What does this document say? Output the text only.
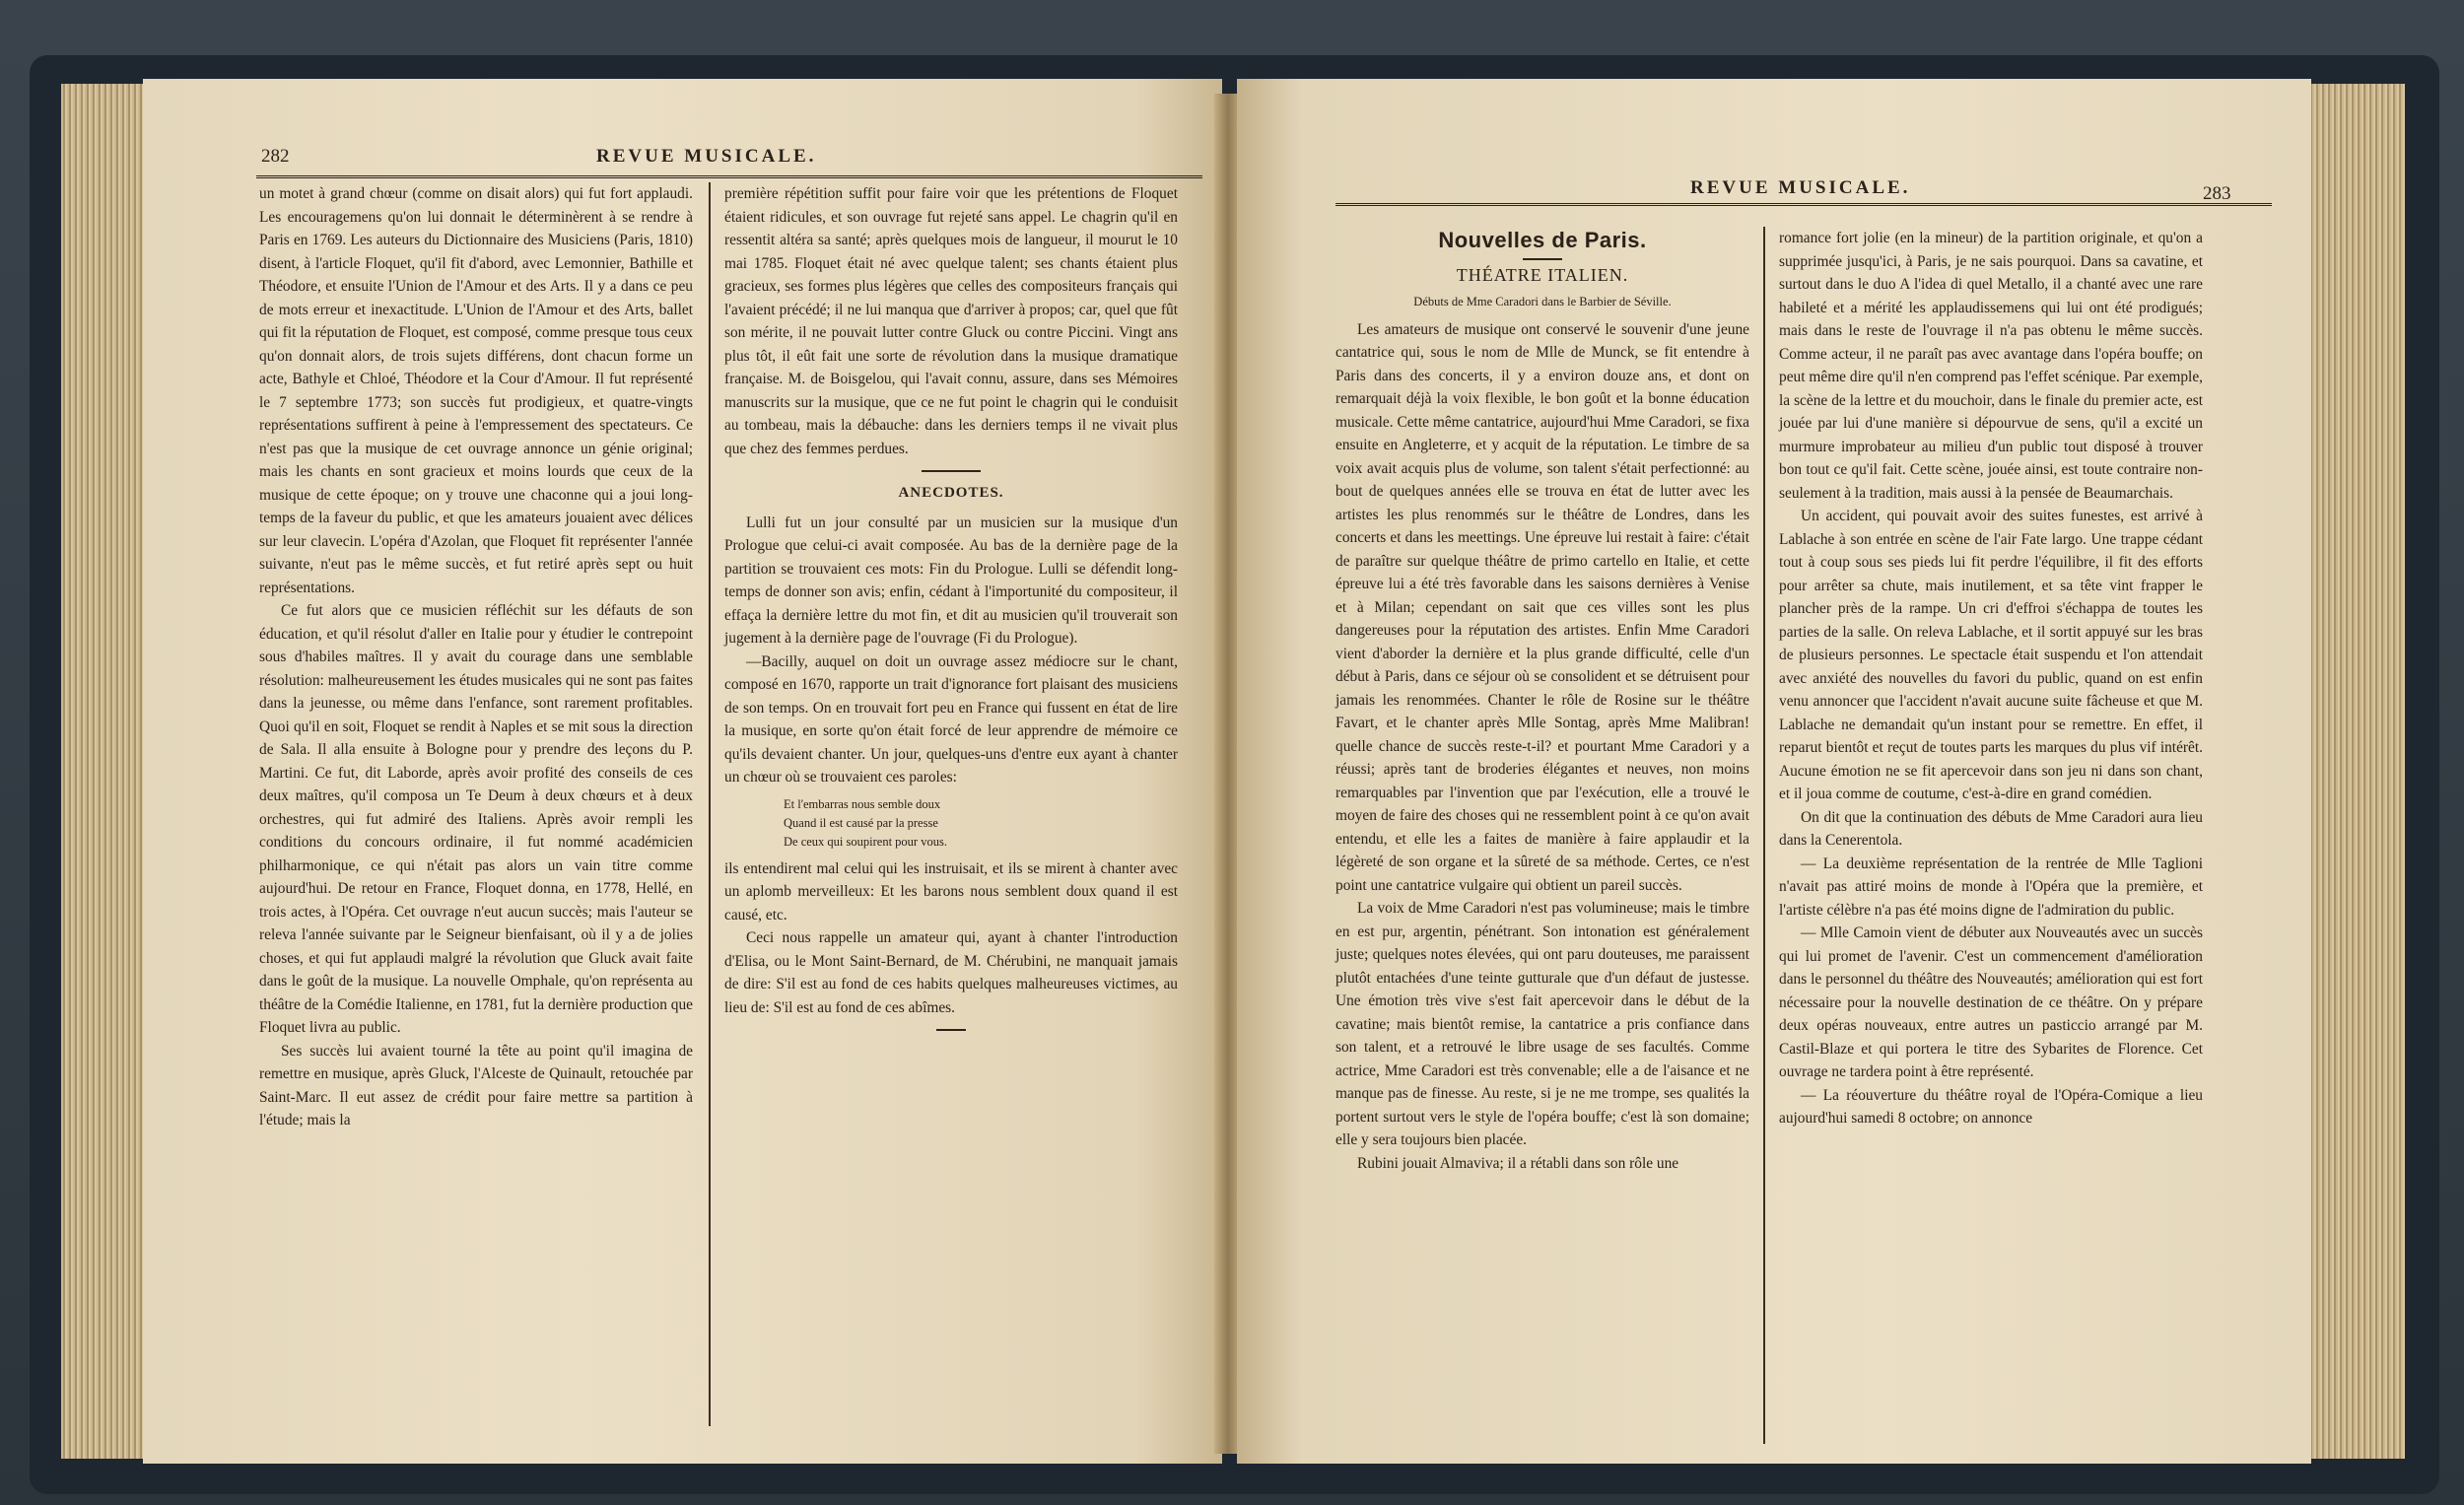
282	REVUE MUSICALE.

un motet à grand chœur (comme on disait alors) qui fut fort applaudi. Les encouragemens qu'on lui donnait le déterminèrent à se rendre à Paris en 1769. Les auteurs du Dictionnaire des Musiciens (Paris, 1810) disent, à l'article Floquet, qu'il fit d'abord, avec Lemonnier, Bathille et Théodore, et ensuite l'Union de l'Amour et des Arts. Il y a dans ce peu de mots erreur et inexactitude. L'Union de l'Amour et des Arts, ballet qui fit la réputation de Floquet, est composé, comme presque tous ceux qu'on donnait alors, de trois sujets différens, dont chacun forme un acte, Bathyle et Chloé, Théodore et la Cour d'Amour. Il fut représenté le 7 septembre 1773; son succès fut prodigieux, et quatre-vingts représentations suffirent à peine à l'empressement des spectateurs. Ce n'est pas que la musique de cet ouvrage annonce un génie original; mais les chants en sont gracieux et moins lourds que ceux de la musique de cette époque; on y trouve une chaconne qui a joui long-temps de la faveur du public, et que les amateurs jouaient avec délices sur leur clavecin. L'opéra d'Azolan, que Floquet fit représenter l'année suivante, n'eut pas le même succès, et fut retiré après sept ou huit représentations.

Ce fut alors que ce musicien réfléchit sur les défauts de son éducation, et qu'il résolut d'aller en Italie pour y étudier le contrepoint sous d'habiles maîtres. Il y avait du courage dans une semblable résolution: malheureusement les études musicales qui ne sont pas faites dans la jeunesse, ou même dans l'enfance, sont rarement profitables. Quoi qu'il en soit, Floquet se rendit à Naples et se mit sous la direction de Sala. Il alla ensuite à Bologne pour y prendre des leçons du P. Martini. Ce fut, dit Laborde, après avoir profité des conseils de ces deux maîtres, qu'il composa un Te Deum à deux chœurs et à deux orchestres, qui fut admiré des Italiens. Après avoir rempli les conditions du concours ordinaire, il fut nommé académicien philharmonique, ce qui n'était pas alors un vain titre comme aujourd'hui. De retour en France, Floquet donna, en 1778, Hellé, en trois actes, à l'Opéra. Cet ouvrage n'eut aucun succès; mais l'auteur se releva l'année suivante par le Seigneur bienfaisant, où il y a de jolies choses, et qui fut applaudi malgré la révolution que Gluck avait faite dans le goût de la musique. La nouvelle Omphale, qu'on représenta au théâtre de la Comédie Italienne, en 1781, fut la dernière production que Floquet livra au public.

Ses succès lui avaient tourné la tête au point qu'il imagina de remettre en musique, après Gluck, l'Alceste de Quinault, retouchée par Saint-Marc. Il eut assez de crédit pour faire mettre sa partition à l'étude; mais la

première répétition suffit pour faire voir que les prétentions de Floquet étaient ridicules, et son ouvrage fut rejeté sans appel. Le chagrin qu'il en ressentit altéra sa santé; après quelques mois de langueur, il mourut le 10 mai 1785. Floquet était né avec quelque talent; ses chants étaient plus gracieux, ses formes plus légères que celles des compositeurs français qui l'avaient précédé; il ne lui manqua que d'arriver à propos; car, quel que fût son mérite, il ne pouvait lutter contre Gluck ou contre Piccini. Vingt ans plus tôt, il eût fait une sorte de révolution dans la musique dramatique française. M. de Boisgelou, qui l'avait connu, assure, dans ses Mémoires manuscrits sur la musique, que ce ne fut point le chagrin qui le conduisit au tombeau, mais la débauche: dans les derniers temps il ne vivait plus que chez des femmes perdues.

ANECDOTES.

Lulli fut un jour consulté par un musicien sur la musique d'un Prologue que celui-ci avait composée. Au bas de la dernière page de la partition se trouvaient ces mots: Fin du Prologue. Lulli se défendit long-temps de donner son avis; enfin, cédant à l'importunité du compositeur, il effaça la dernière lettre du mot fin, et dit au musicien qu'il trouverait son jugement à la dernière page de l'ouvrage (Fi du Prologue).

—Bacilly, auquel on doit un ouvrage assez médiocre sur le chant, composé en 1670, rapporte un trait d'ignorance fort plaisant des musiciens de son temps. On en trouvait fort peu en France qui fussent en état de lire la musique, en sorte qu'on était forcé de leur apprendre de mémoire ce qu'ils devaient chanter. Un jour, quelques-uns d'entre eux ayant à chanter un chœur où se trouvaient ces paroles:

Et l'embarras nous semble doux
Quand il est causé par la presse
De ceux qui soupirent pour vous.

ils entendirent mal celui qui les instruisait, et ils se mirent à chanter avec un aplomb merveilleux: Et les barons nous semblent doux quand il est causé, etc.

Ceci nous rappelle un amateur qui, ayant à chanter l'introduction d'Elisa, ou le Mont Saint-Bernard, de M. Chérubini, ne manquait jamais de dire: S'il est au fond de ces habits quelques malheureuses victimes, au lieu de: S'il est au fond de ces abîmes.

REVUE MUSICALE.	283
Nouvelles de Paris.
THÉATRE ITALIEN.
Débuts de Mme Caradori dans le Barbier de Séville.

Les amateurs de musique ont conservé le souvenir d'une jeune cantatrice qui, sous le nom de Mlle de Munck, se fit entendre à Paris dans des concerts, il y a environ douze ans, et dont on remarquait déjà la voix flexible, le bon goût et la bonne éducation musicale. Cette même cantatrice, aujourd'hui Mme Caradori, se fixa ensuite en Angleterre, et y acquit de la réputation. Le timbre de sa voix avait acquis plus de volume, son talent s'était perfectionné: au bout de quelques années elle se trouva en état de lutter avec les artistes les plus renommés sur le théâtre de Londres, dans les concerts et dans les meettings. Une épreuve lui restait à faire: c'était de paraître sur quelque théâtre de primo cartello en Italie, et cette épreuve lui a été très favorable dans les saisons dernières à Venise et à Milan; cependant on sait que ces villes sont les plus dangereuses pour la réputation des artistes. Enfin Mme Caradori vient d'aborder la dernière et la plus grande difficulté, celle d'un début à Paris, dans ce séjour où se consolident et se détruisent pour jamais les renommées. Chanter le rôle de Rosine sur le théâtre Favart, et le chanter après Mlle Sontag, après Mme Malibran! quelle chance de succès reste-t-il? et pourtant Mme Caradori y a réussi; après tant de broderies élégantes et neuves, non moins remarquables par l'invention que par l'exécution, elle a trouvé le moyen de faire des choses qui ne ressemblent point à ce qu'on avait entendu, et elle les a faites de manière à faire applaudir et la légèreté de son organe et la sûreté de sa méthode. Certes, ce n'est point une cantatrice vulgaire qui obtient un pareil succès.

La voix de Mme Caradori n'est pas volumineuse; mais le timbre en est pur, argentin, pénétrant. Son intonation est généralement juste; quelques notes élevées, qui ont paru douteuses, me paraissent plutôt entachées d'une teinte gutturale que d'un défaut de justesse. Une émotion très vive s'est fait apercevoir dans le début de la cavatine; mais bientôt remise, la cantatrice a pris confiance dans son talent, et a retrouvé le libre usage de ses facultés. Comme actrice, Mme Caradori est très convenable; elle a de l'aisance et ne manque pas de finesse. Au reste, si je ne me trompe, ses qualités la portent surtout vers le style de l'opéra bouffe; c'est là son domaine; elle y sera toujours bien placée.

Rubini jouait Almaviva; il a rétabli dans son rôle une

romance fort jolie (en la mineur) de la partition originale, et qu'on a supprimée jusqu'ici, à Paris, je ne sais pourquoi. Dans sa cavatine, et surtout dans le duo A l'idea di quel Metallo, il a chanté avec une rare habileté et a mérité les applaudissemens qui lui ont été prodigués; mais dans le reste de l'ouvrage il n'a pas obtenu le même succès. Comme acteur, il ne paraît pas avec avantage dans l'opéra bouffe; on peut même dire qu'il n'en comprend pas l'effet scénique. Par exemple, la scène de la lettre et du mouchoir, dans le finale du premier acte, est jouée par lui d'une manière si dépourvue de sens, qu'il a excité un murmure improbateur au milieu d'un public tout disposé à trouver bon tout ce qu'il fait. Cette scène, jouée ainsi, est toute contraire non-seulement à la tradition, mais aussi à la pensée de Beaumarchais.

Un accident, qui pouvait avoir des suites funestes, est arrivé à Lablache à son entrée en scène de l'air Fate largo. Une trappe cédant tout à coup sous ses pieds lui fit perdre l'équilibre, il fit des efforts pour arrêter sa chute, mais inutilement, et sa tête vint frapper le plancher près de la rampe. Un cri d'effroi s'échappa de toutes les parties de la salle. On releva Lablache, et il sortit appuyé sur les bras de plusieurs personnes. Le spectacle était suspendu et l'on attendait avec anxiété des nouvelles du favori du public, quand on est enfin venu annoncer que l'accident n'avait aucune suite fâcheuse et que M. Lablache ne demandait qu'un instant pour se remettre. En effet, il reparut bientôt et reçut de toutes parts les marques du plus vif intérêt. Aucune émotion ne se fit apercevoir dans son jeu ni dans son chant, et il joua comme de coutume, c'est-à-dire en grand comédien.

On dit que la continuation des débuts de Mme Caradori aura lieu dans la Cenerentola.

— La deuxième représentation de la rentrée de Mlle Taglioni n'avait pas attiré moins de monde à l'Opéra que la première, et l'artiste célèbre n'a pas été moins digne de l'admiration du public.

— Mlle Camoin vient de débuter aux Nouveautés avec un succès qui lui promet de l'avenir. C'est un commencement d'amélioration dans le personnel du théâtre des Nouveautés; amélioration qui est fort nécessaire pour la nouvelle destination de ce théâtre. On y prépare deux opéras nouveaux, entre autres un pasticcio arrangé par M. Castil-Blaze et qui portera le titre des Sybarites de Florence. Cet ouvrage ne tardera point à être représenté.

— La réouverture du théâtre royal de l'Opéra-Comique a lieu aujourd'hui samedi 8 octobre; on annonce
